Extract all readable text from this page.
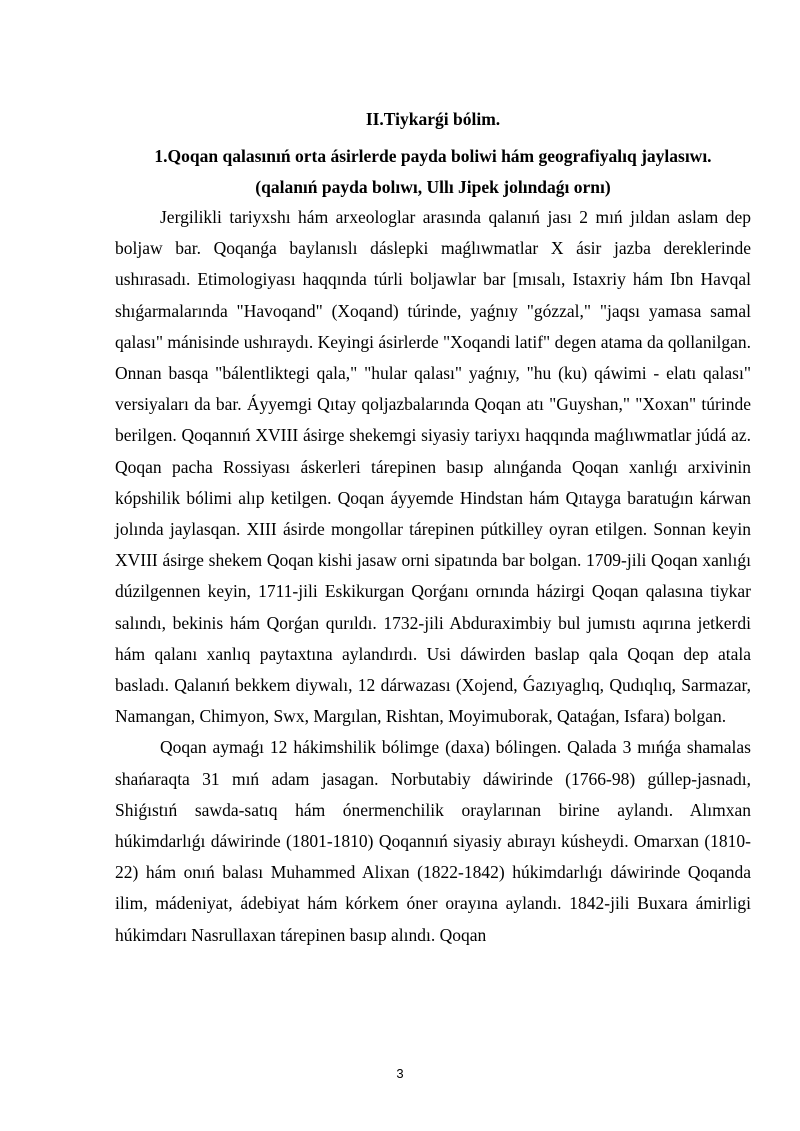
II.Tiykarǵi bólim.
1.Qoqan qalasınıń orta ásirlerde payda boliwi hám geografiyalıq jaylasıwı.
(qalanıń payda bolıwı, Ullı Jipek jolındaǵı ornı)

Jergilikli tariyxshı hám arxeologlar arasında qalanıń jası 2 mıń jıldan aslam dep boljaw bar. Qoqanǵa baylanıslı dáslepki maǵlıwmatlar X ásir jazba dereklerinde ushırasadı. Etimologiyası haqqında túrli boljawlar bar [mısalı, Istaxriy hám Ibn Havqal shıǵarmalarında "Havoqand" (Xoqand) túrinde, yaǵnıy "gózzal," "jaqsı yamasa samal qalası" mánisinde ushıraydı. Keyingi ásirlerde "Xoqandi latif" degen atama da qollanilgan. Onnan basqa "bálentliktegi qala," "hular qalası" yaǵnıy, "hu (ku) qáwimi - elatı qalası" versiyaları da bar. Áyyemgi Qıtay qoljazbalarında Qoqan atı "Guyshan," "Xoxan" túrinde berilgen. Qoqannıń XVIII ásirge shekemgi siyasiy tariyxı haqqında maǵlıwmatlar júdá az. Qoqan pacha Rossiyası áskerleri tárepinen basıp alınǵanda Qoqan xanlıǵı arxivinin kópshilik bólimi alıp ketilgen. Qoqan áyyemde Hindstan hám Qıtayga baratuǵın kárwan jolında jaylasqan. XIII ásirde mongollar tárepinen pútkilley oyran etilgen. Sonnan keyin XVIII ásirge shekem Qoqan kishi jasaw orni sipatında bar bolgan. 1709-jili Qoqan xanlıǵı dúzilgennen keyin, 1711-jili Eskikurgan Qorǵanı ornında házirgi Qoqan qalasına tiykar salındı, bekinis hám Qorǵan qurıldı. 1732-jili Abduraximbiy bul jumıstı aqırına jetkerdi hám qalanı xanlıq paytaxtına aylandırdı. Usi dáwirden baslap qala Qoqan dep atala basladı. Qalanıń bekkem diywalı, 12 dárwazası (Xojend, Ǵazıyaglıq, Qudıqlıq, Sarmazar, Namangan, Chimyon, Swx, Margılan, Rishtan, Moyimuborak, Qataǵan, Isfara) bolgan.

Qoqan aymaǵı 12 hákimshilik bólimge (daxa) bólingen. Qalada 3 mıńǵa shamalas shańaraqta 31 mıń adam jasagan. Norbutabiy dáwirinde (1766-98) gúllep-jasnadı, Shiǵıstıń sawda-satıq hám ónermenchilik oraylarınan birine aylandı. Alımxan húkimdarlıǵı dáwirinde (1801-1810) Qoqannıń siyasiy abırayı kúsheydi. Omarxan (1810-22) hám onıń balası Muhammed Alixan (1822-1842) húkimdarlıǵı dáwirinde Qoqanda ilim, mádeniyat, ádebiyat hám kórkem óner orayına aylandı. 1842-jili Buxara ámirligi húkimdarı Nasrullaxan tárepinen basıp alındı. Qoqan

3
